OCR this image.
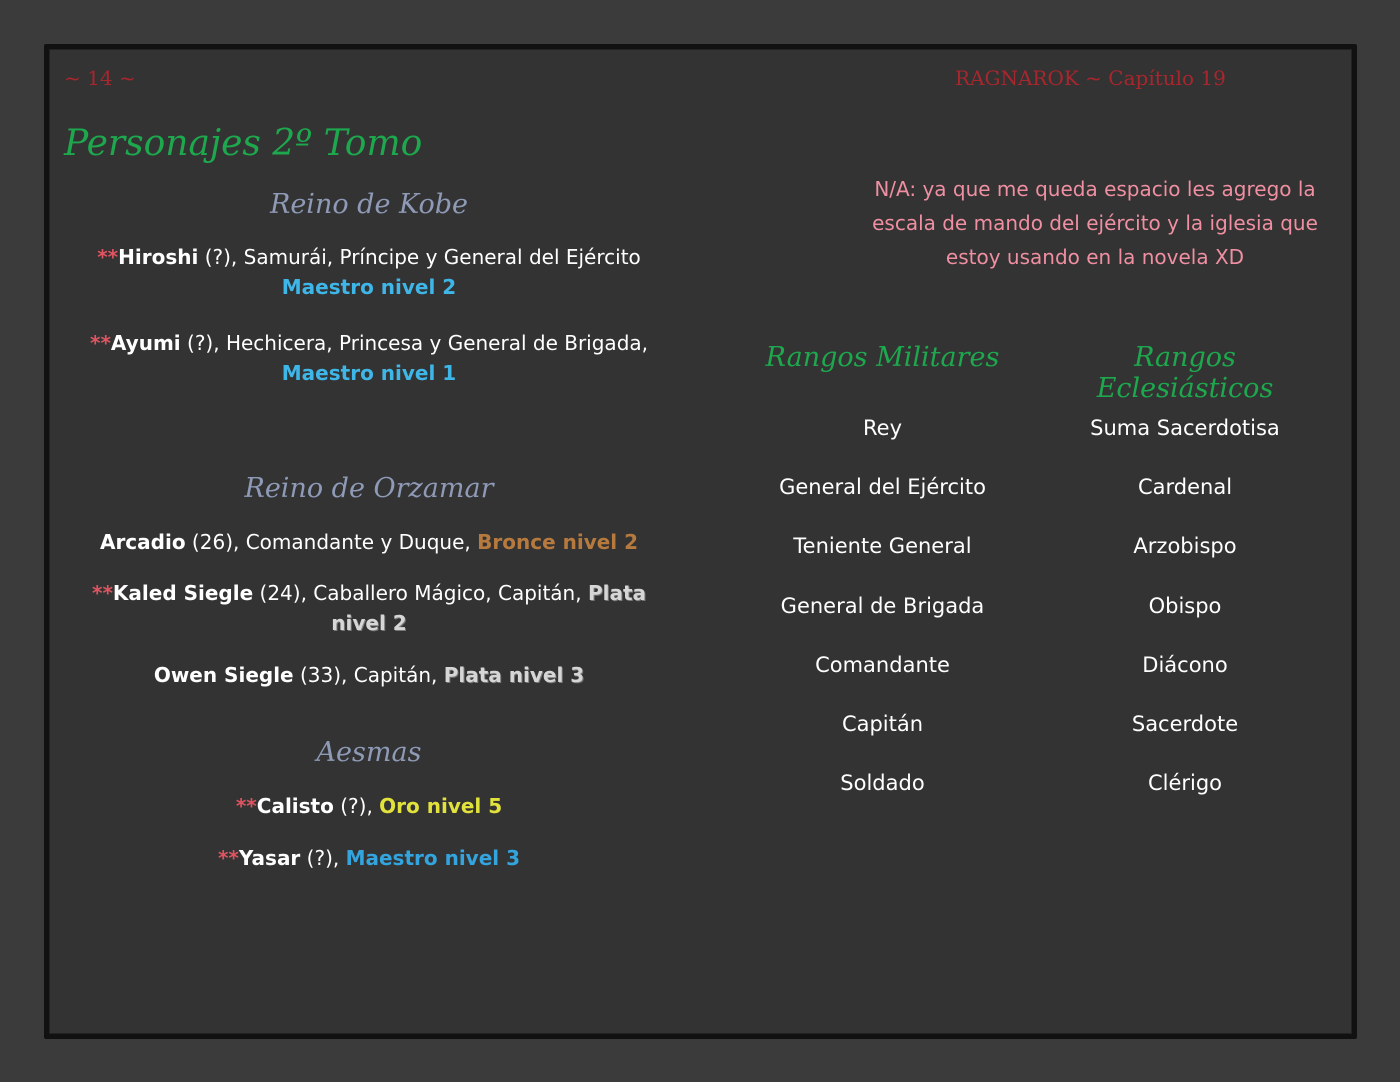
~ 14 ~	RAGNAROK ~ Capítulo 19
Personajes 2º Tomo
Reino de Kobe
**Hiroshi (?), Samurái, Príncipe y General del Ejército
Maestro nivel 2
**Ayumi (?), Hechicera, Princesa y General de Brigada,
Maestro nivel 1
Reino de Orzamar
Arcadio (26), Comandante y Duque, Bronce nivel 2
**Kaled Siegle (24), Caballero Mágico, Capitán, Plata nivel 2
Owen Siegle (33), Capitán, Plata nivel 3
Aesmas
**Calisto (?), Oro nivel 5
**Yasar (?), Maestro nivel 3
N/A: ya que me queda espacio les agrego la escala de mando del ejército y la iglesia que estoy usando en la novela XD
Rangos Militares	Rangos Eclesiásticos
Rey
General del Ejército
Teniente General
General de Brigada
Comandante
Capitán
Soldado
Suma Sacerdotisa
Cardenal
Arzobispo
Obispo
Diácono
Sacerdote
Clérigo
